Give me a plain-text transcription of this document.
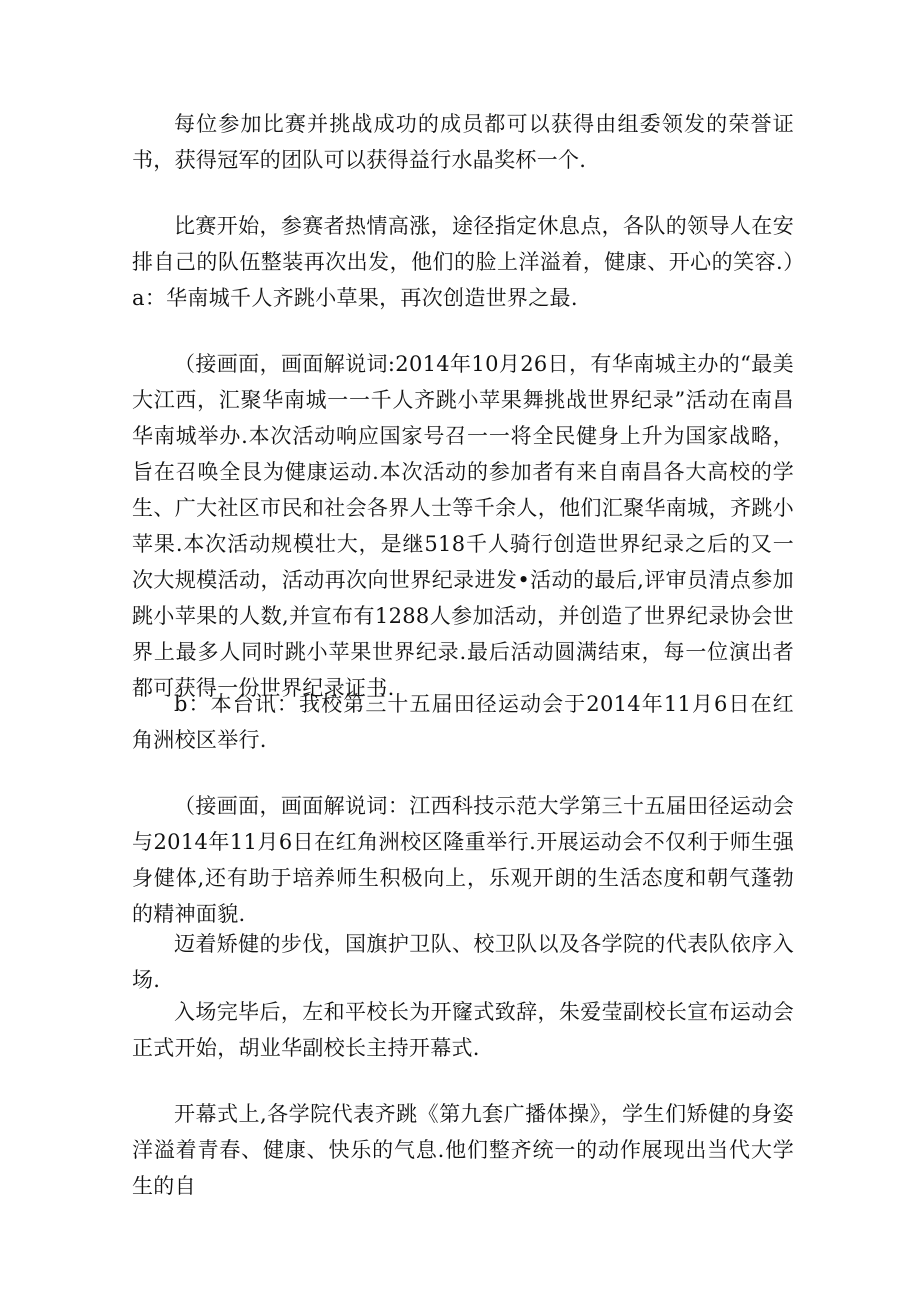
每位参加比赛并挑战成功的成员都可以获得由组委领发的荣誉证书，获得冠军的团队可以获得益行水晶奖杯一个.

比赛开始，参赛者热情高涨，途径指定休息点，各队的领导人在安排自己的队伍整装再次出发，他们的脸上洋溢着，健康、开心的笑容.）a：华南城千人齐跳小草果，再次创造世界之最.

（接画面，画面解说词:2014年10月26日，有华南城主办的“最美大江西，汇聚华南城一一千人齐跳小苹果舞挑战世界纪录”活动在南昌华南城举办.本次活动响应国家号召一一将全民健身上升为国家战略，旨在召唤全艮为健康运动.本次活动的参加者有来自南昌各大高校的学生、广大社区市民和社会各界人士等千余人，他们汇聚华南城，齐跳小苹果.本次活动规模壮大，是继518千人骑行创造世界纪录之后的又一次大规模活动，活动再次向世界纪录进发•活动的最后,评审员清点参加跳小苹果的人数,并宣布有1288人参加活动，并创造了世界纪录协会世界上最多人同时跳小苹果世界纪录.最后活动圆满结束，每一位演出者都可获得一份世界纪录证书.

b：本台讯：我校第三十五届田径运动会于2014年11月6日在红角洲校区举行.

（接画面，画面解说词：江西科技示范大学第三十五届田径运动会与2014年11月6日在红角洲校区隆重举行.开展运动会不仅利于师生强身健体,还有助于培养师生积极向上，乐观开朗的生活态度和朝气蓬勃的精神面貌.

迈着矫健的步伐，国旗护卫队、校卫队以及各学院的代表队依序入场.

入场完毕后，左和平校长为开窿式致辞，朱爱莹副校长宣布运动会正式开始，胡业华副校长主持开幕式.

开幕式上,各学院代表齐跳《第九套广播体操》，学生们矫健的身姿洋溢着青春、健康、快乐的气息.他们整齐统一的动作展现出当代大学生的自
